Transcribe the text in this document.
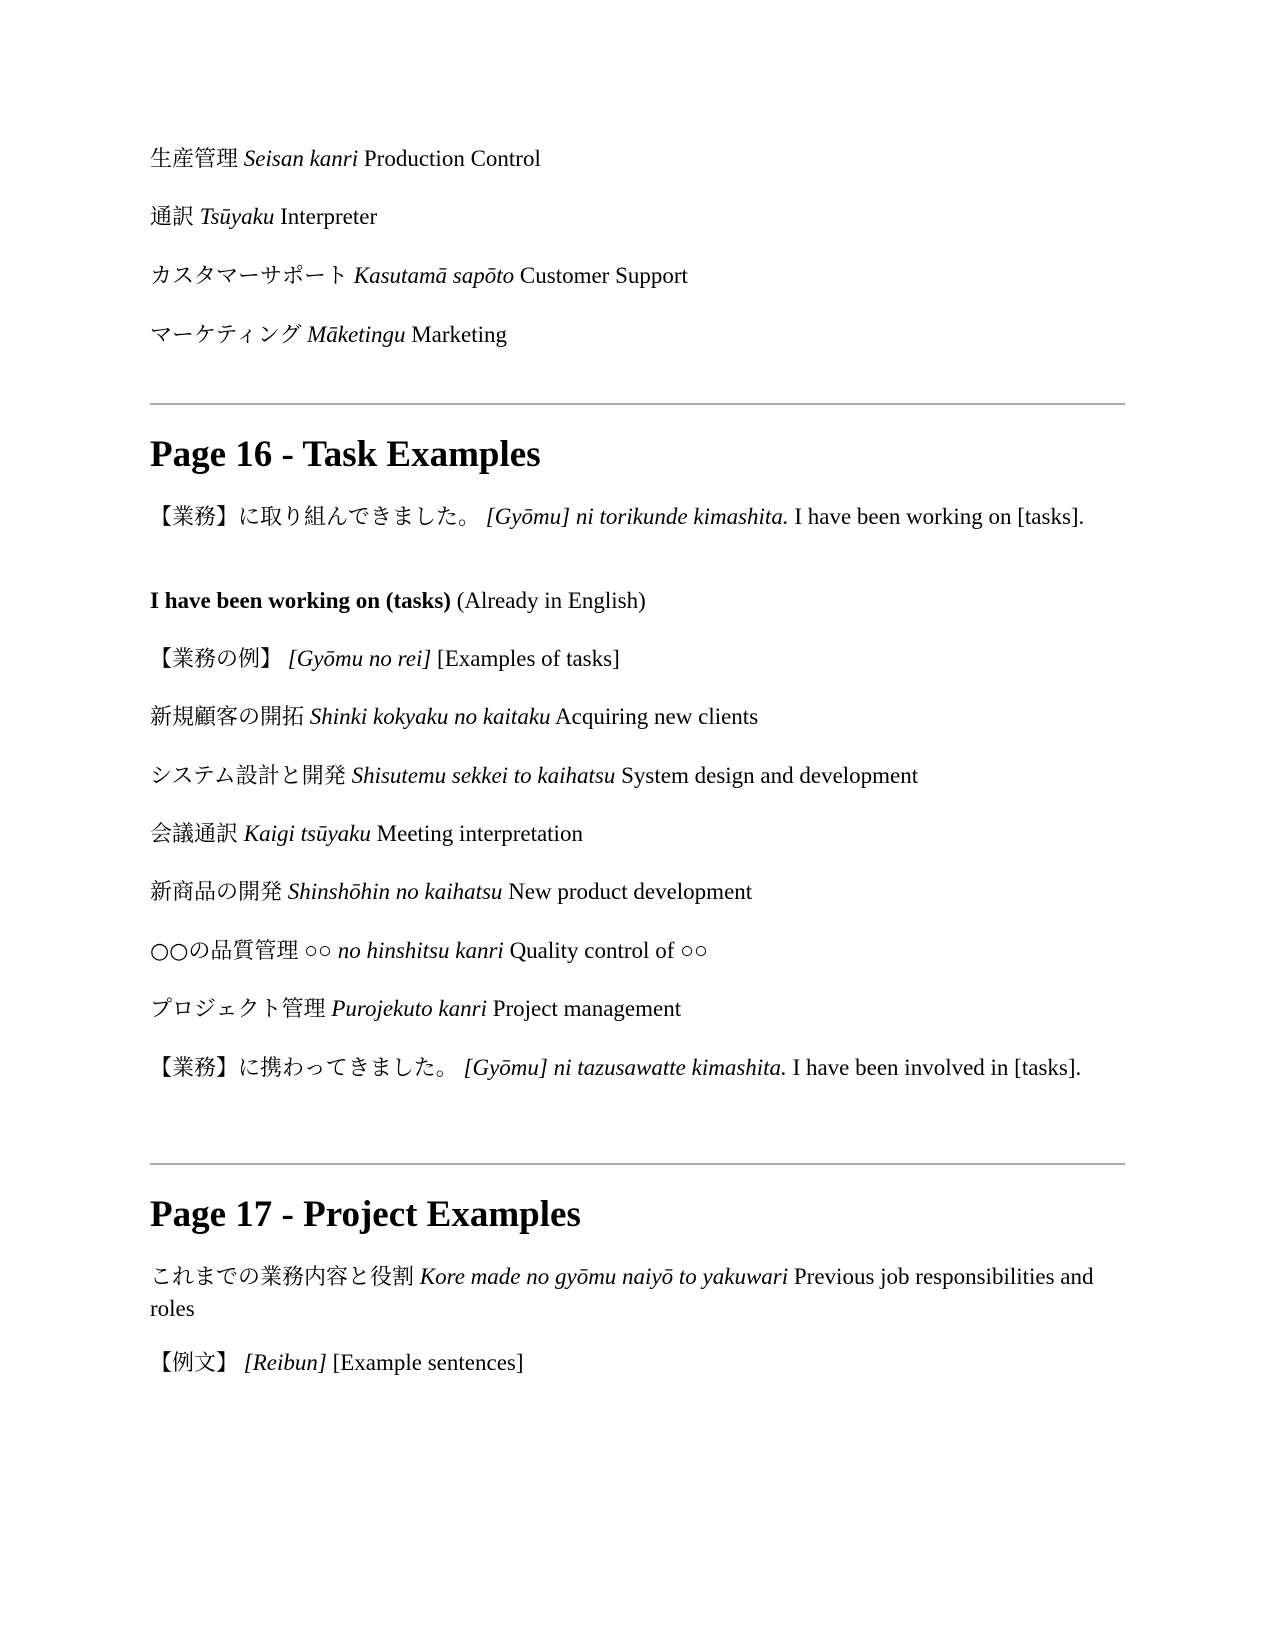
生産管理 Seisan kanri Production Control

通訳 Tsūyaku Interpreter

カスタマーサポート Kasutamā sapōto Customer Support

マーケティング Māketingu Marketing

Page 16 - Task Examples

【業務】に取り組んできました。 [Gyōmu] ni torikunde kimashita. I have been working on [tasks].

I have been working on (tasks) (Already in English)

【業務の例】 [Gyōmu no rei] [Examples of tasks]

新規顧客の開拓 Shinki kokyaku no kaitaku Acquiring new clients

システム設計と開発 Shisutemu sekkei to kaihatsu System design and development

会議通訳 Kaigi tsūyaku Meeting interpretation

新商品の開発 Shinshōhin no kaihatsu New product development

○○の品質管理 ○○ no hinshitsu kanri Quality control of ○○

プロジェクト管理 Purojekuto kanri Project management

【業務】に携わってきました。 [Gyōmu] ni tazusawatte kimashita. I have been involved in [tasks].

Page 17 - Project Examples

これまでの業務内容と役割 Kore made no gyōmu naiyō to yakuwari Previous job responsibilities and roles

【例文】 [Reibun] [Example sentences]
